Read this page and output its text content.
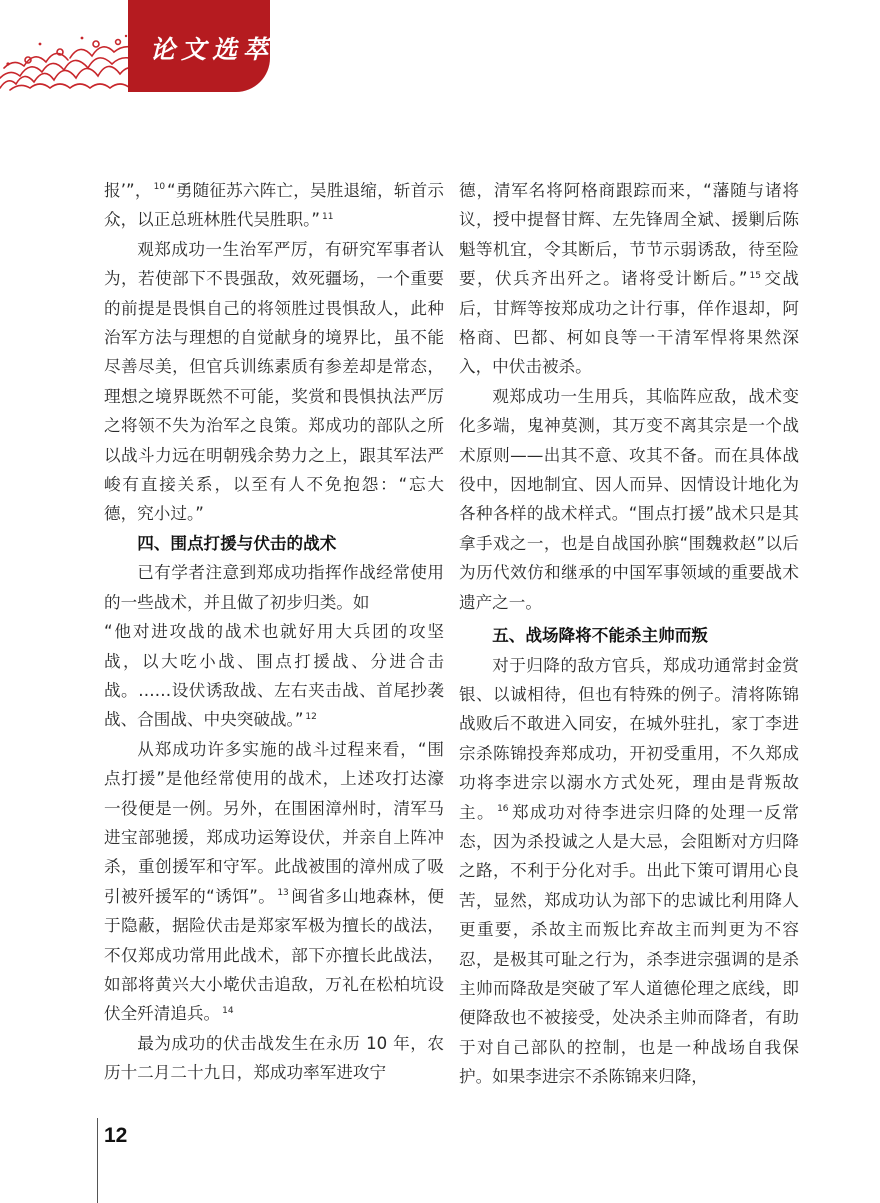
论文选萃

报’”， $^{10}$ “勇随征苏六阵亡，吴胜退缩，斩首示众，以正总班林胜代吴胜职。” $^{11}$

观郑成功一生治军严厉，有研究军事者认为，若使部下不畏强敌，效死疆场，一个重要的前提是畏惧自己的将领胜过畏惧敌人，此种治军方法与理想的自觉献身的境界比，虽不能尽善尽美，但官兵训练素质有参差却是常态，理想之境界既然不可能，奖赏和畏惧执法严厉之将领不失为治军之良策。郑成功的部队之所以战斗力远在明朝残余势力之上，跟其军法严峻有直接关系，以至有人不免抱怨：“忘大德，究小过。”

四、围点打援与伏击的战术

已有学者注意到郑成功指挥作战经常使用的一些战术，并且做了初步归类。如

“他对进攻战的战术也就好用大兵团的攻坚战，以大吃小战、围点打援战、分进合击战。……设伏诱敌战、左右夹击战、首尾抄袭战、合围战、中央突破战。” $^{12}$

从郑成功许多实施的战斗过程来看，“围点打援”是他经常使用的战术，上述攻打达濠一役便是一例。另外，在围困漳州时，清军马进宝部驰援，郑成功运筹设伏，并亲自上阵冲杀，重创援军和守军。此战被围的漳州成了吸引被歼援军的“诱饵”。 $^{13}$ 闽省多山地森林，便于隐蔽，据险伏击是郑家军极为擅长的战法，不仅郑成功常用此战术，部下亦擅长此战法，如部将黄兴大小墘伏击追敌，万礼在松柏坑设伏全歼清追兵。 $^{14}$

最为成功的伏击战发生在永历 10 年，农历十二月二十九日，郑成功率军进攻宁

德，清军名将阿格商跟踪而来，“藩随与诸将议，授中提督甘辉、左先锋周全斌、援剿后陈魁等机宜，令其断后，节节示弱诱敌，待至险要，伏兵齐出歼之。诸将受计断后。” $^{15}$ 交战后，甘辉等按郑成功之计行事，佯作退却，阿格商、巴都、柯如良等一干清军悍将果然深入，中伏击被杀。

观郑成功一生用兵，其临阵应敌，战术变化多端，鬼神莫测，其万变不离其宗是一个战术原则——出其不意、攻其不备。而在具体战役中，因地制宜、因人而异、因情设计地化为各种各样的战术样式。“围点打援”战术只是其拿手戏之一，也是自战国孙膑“围魏救赵”以后为历代效仿和继承的中国军事领域的重要战术遗产之一。

五、战场降将不能杀主帅而叛

对于归降的敌方官兵，郑成功通常封金赏银、以诚相待，但也有特殊的例子。清将陈锦战败后不敢进入同安，在城外驻扎，家丁李进宗杀陈锦投奔郑成功，开初受重用，不久郑成功将李进宗以溺水方式处死，理由是背叛故主。 $^{16}$ 郑成功对待李进宗归降的处理一反常态，因为杀投诚之人是大忌，会阻断对方归降之路，不利于分化对手。出此下策可谓用心良苦，显然，郑成功认为部下的忠诚比利用降人更重要，杀故主而叛比弃故主而判更为不容忍，是极其可耻之行为，杀李进宗强调的是杀主帅而降敌是突破了军人道德伦理之底线，即便降敌也不被接受，处决杀主帅而降者，有助于对自己部队的控制，也是一种战场自我保护。如果李进宗不杀陈锦来归降，

12
